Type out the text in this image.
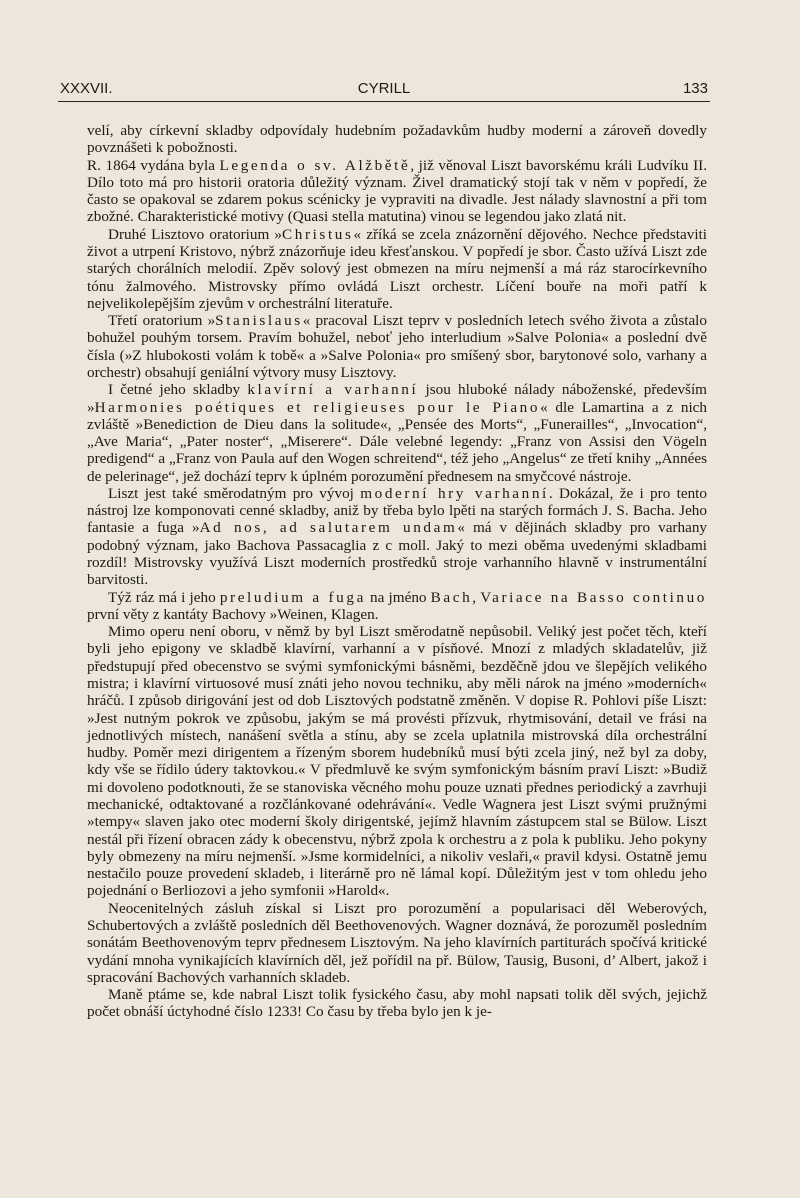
XXXVII.	CYRILL	133

velí, aby církevní skladby odpovídaly hudebním požadavkům hudby moderní a zároveň dovedly povznášeti k pobožnosti.

R. 1864 vydána byla Legenda o sv. Alžbětě, již věnoval Liszt bavorskému králi Ludvíku II. Dílo toto má pro historii oratoria důležitý význam. Živel dramatický stojí tak v něm v popředí, že často se opakoval se zdarem pokus scénicky je vypraviti na divadle. Jest nálady slavnostní a při tom zbožné. Charakteristické motivy (Quasi stella matutina) vinou se legendou jako zlatá nit.

Druhé Lisztovo oratorium »Christus« zříká se zcela znázornění dějového. Nechce představiti život a utrpení Kristovo, nýbrž znázorňuje ideu křesťanskou. V popředí je sbor. Často užívá Liszt zde starých chorálních melodií. Zpěv solový jest obmezen na míru nejmenší a má ráz starocírkevního tónu žalmového. Mistrovsky přímo ovládá Liszt orchestr. Líčení bouře na moři patří k nejvelikolepějším zjevům v orchestrální literatuře.

Třetí oratorium »Stanislaus« pracoval Liszt teprv v posledních letech svého života a zůstalo bohužel pouhým torsem. Pravím bohužel, neboť jeho interludium »Salve Polonia« a poslední dvě čísla (»Z hlubokosti volám k tobě« a »Salve Polonia« pro smíšený sbor, barytonové solo, varhany a orchestr) obsahují geniální výtvory musy Lisztovy.

I četné jeho skladby klavírní a varhanní jsou hluboké nálady náboženské, především »Harmonies poétiques et religieuses pour le Piano« dle Lamartina a z nich zvláště »Benediction de Dieu dans la solitude«, „Pensée des Morts“, „Funerailles“, „Invocation“, „Ave Maria“, „Pater noster“, „Miserere“. Dále velebné legendy: „Franz von Assisi den Vögeln predigend“ a „Franz von Paula auf den Wogen schreitend“, též jeho „Angelus“ ze třetí knihy „Années de pelerinage“, jež dochází teprv k úplném porozumění přednesem na smyčcové nástroje.

Liszt jest také směrodatným pro vývoj moderní hry varhanní. Dokázal, že i pro tento nástroj lze komponovati cenné skladby, aniž by třeba bylo lpěti na starých formách J. S. Bacha. Jeho fantasie a fuga »Ad nos, ad salutarem undam« má v dějinách skladby pro varhany podobný význam, jako Bachova Passacaglia z c moll. Jaký to mezi oběma uvedenými skladbami rozdíl! Mistrovsky využívá Liszt moderních prostředků stroje varhanního hlavně v instrumentální barvitosti.

Týž ráz má i jeho preludium a fuga na jméno Bach, Variace na Basso continuo první věty z kantáty Bachovy »Weinen, Klagen.

Mimo operu není oboru, v němž by byl Liszt směrodatně nepůsobil. Veliký jest počet těch, kteří byli jeho epigony ve skladbě klavírní, varhanní a v písňové. Mnozí z mladých skladatelův, již předstupují před obecenstvo se svými symfonickými básněmi, bezděčně jdou ve šlepějích velikého mistra; i klavírní virtuosové musí znáti jeho novou techniku, aby měli nárok na jméno »moderních« hráčů. I způsob dirigování jest od dob Lisztových podstatně změněn. V dopise R. Pohlovi píše Liszt: »Jest nutným pokrok ve způsobu, jakým se má provésti přízvuk, rhytmisování, detail ve frási na jednotlivých místech, nanášení světla a stínu, aby se zcela uplatnila mistrovská díla orchestrální hudby. Poměr mezi dirigentem a řízeným sborem hudebníků musí býti zcela jiný, než byl za doby, kdy vše se řídilo údery taktovkou.« V předmluvě ke svým symfonickým básním praví Liszt: »Budiž mi dovoleno podotknouti, že se stanoviska věcného mohu pouze uznati přednes periodický a zavrhuji mechanické, odtaktované a rozčlánkované odehrávání«. Vedle Wagnera jest Liszt svými pružnými »tempy« slaven jako otec moderní školy dirigentské, jejímž hlavním zástupcem stal se Bülow. Liszt nestál při řízení obracen zády k obecenstvu, nýbrž zpola k orchestru a z pola k publiku. Jeho pokyny byly obmezeny na míru nejmenší. »Jsme kormidelníci, a nikoliv veslaři,« pravil kdysi. Ostatně jemu nestačilo pouze provedení skladeb, i literárně pro ně lámal kopí. Důležitým jest v tom ohledu jeho pojednání o Berliozovi a jeho symfonii »Harold«.

Neocenitelných zásluh získal si Liszt pro porozumění a popularisaci děl Weberových, Schubertových a zvláště posledních děl Beethovenových. Wagner doznává, že porozuměl posledním sonátám Beethovenovým teprv přednesem Lisztovým. Na jeho klavírních partiturách spočívá kritické vydání mnoha vynikajících klavírních děl, jež pořídil na př. Bülow, Tausig, Busoni, d’ Albert, jakož i spracování Bachových varhanních skladeb.

Maně ptáme se, kde nabral Liszt tolik fysického času, aby mohl napsati tolik děl svých, jejichž počet obnáší úctyhodné číslo 1233! Co času by třeba bylo jen k je-
